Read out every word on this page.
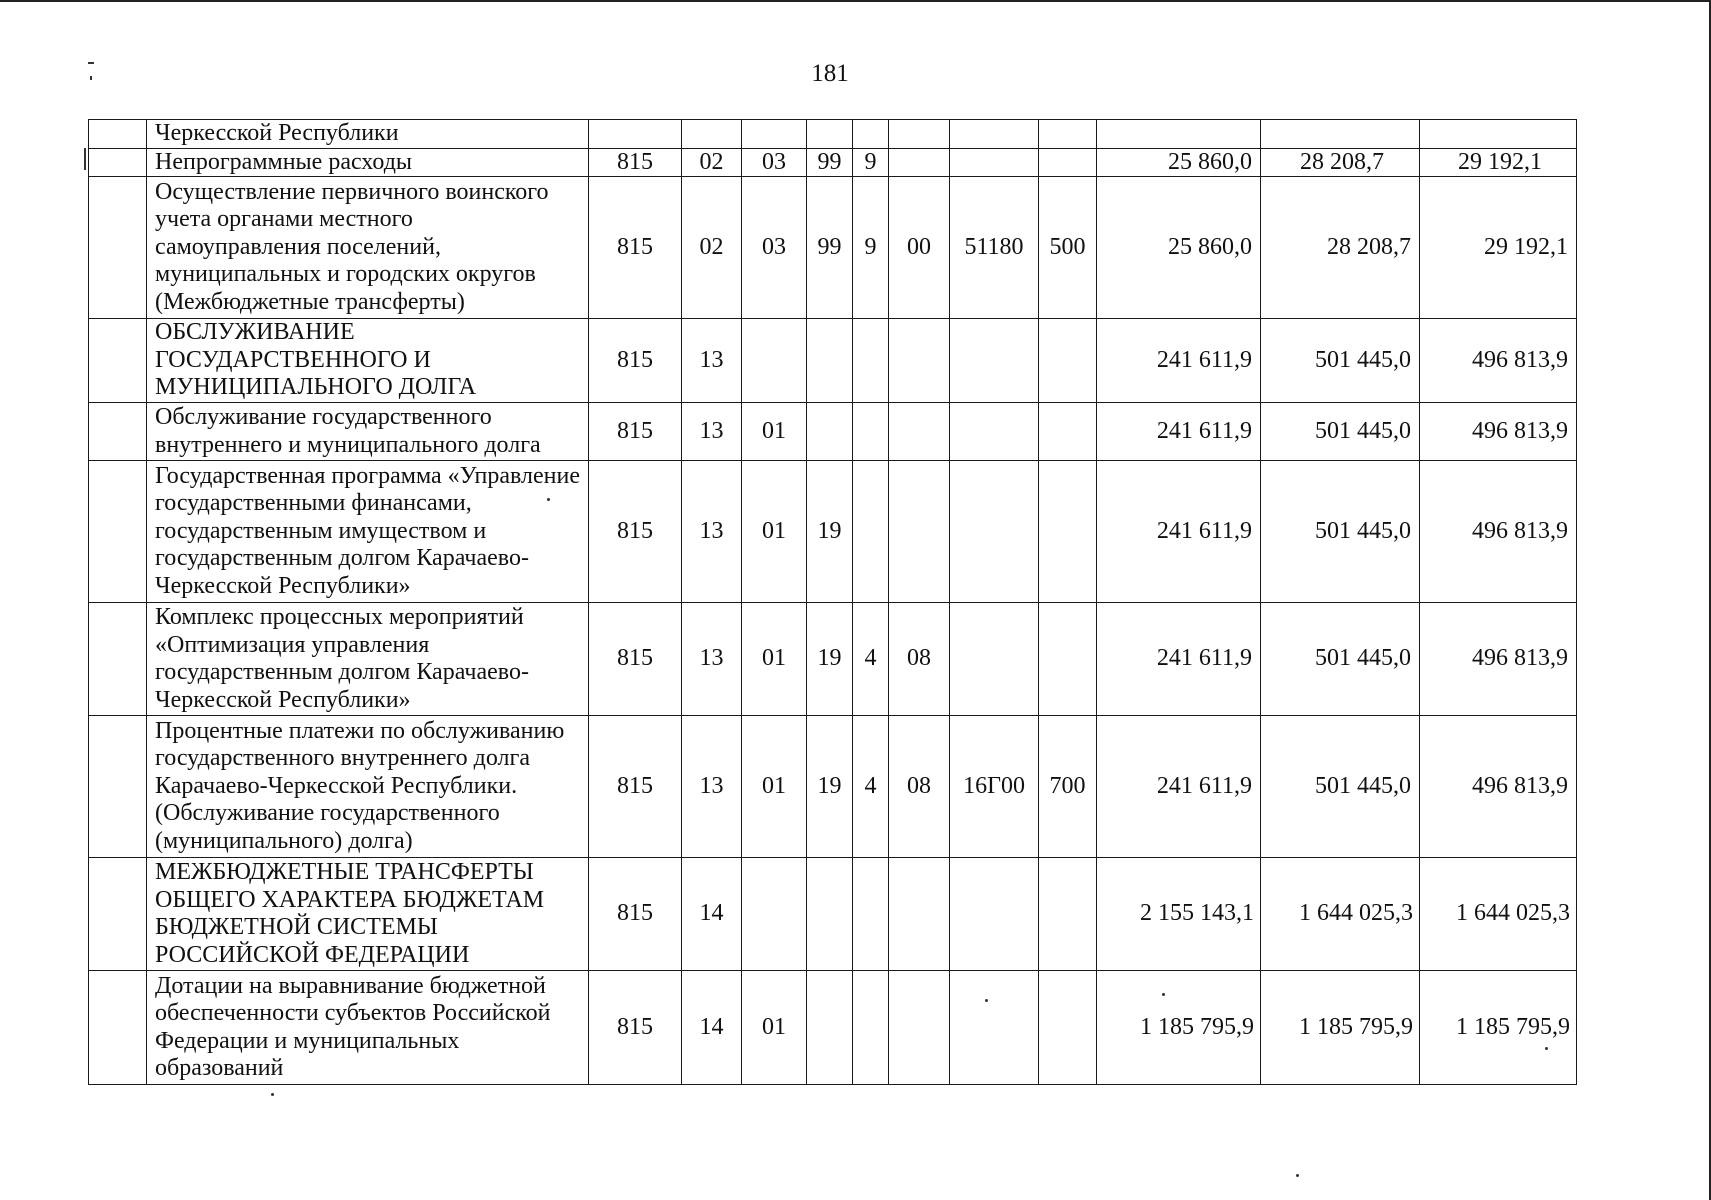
181
	Черкесской Республики											
	Непрограммные расходы	815	02	03	99	9				25 860,0	28 208,7	29 192,1
	Осуществление первичного воинского учета органами местного самоуправления поселений, муниципальных и городских округов (Межбюджетные трансферты)	815	02	03	99	9	00	51180	500	25 860,0	28 208,7	29 192,1
	ОБСЛУЖИВАНИЕ ГОСУДАРСТВЕННОГО И МУНИЦИПАЛЬНОГО ДОЛГА	815	13							241 611,9	501 445,0	496 813,9
	Обслуживание государственного внутреннего и муниципального долга	815	13	01						241 611,9	501 445,0	496 813,9
	Государственная программа «Управление государственными финансами, государственным имуществом и государственным долгом Карачаево-Черкесской Республики»	815	13	01	19					241 611,9	501 445,0	496 813,9
	Комплекс процессных мероприятий «Оптимизация управления государственным долгом Карачаево-Черкесской Республики»	815	13	01	19	4	08			241 611,9	501 445,0	496 813,9
	Процентные платежи по обслуживанию государственного внутреннего долга Карачаево-Черкесской Республики. (Обслуживание государственного (муниципального) долга)	815	13	01	19	4	08	16Г00	700	241 611,9	501 445,0	496 813,9
	МЕЖБЮДЖЕТНЫЕ ТРАНСФЕРТЫ ОБЩЕГО ХАРАКТЕРА БЮДЖЕТАМ БЮДЖЕТНОЙ СИСТЕМЫ РОССИЙСКОЙ ФЕДЕРАЦИИ	815	14							2 155 143,1	1 644 025,3	1 644 025,3
	Дотации на выравнивание бюджетной обеспеченности субъектов Российской Федерации и муниципальных образований	815	14	01						1 185 795,9	1 185 795,9	1 185 795,9
